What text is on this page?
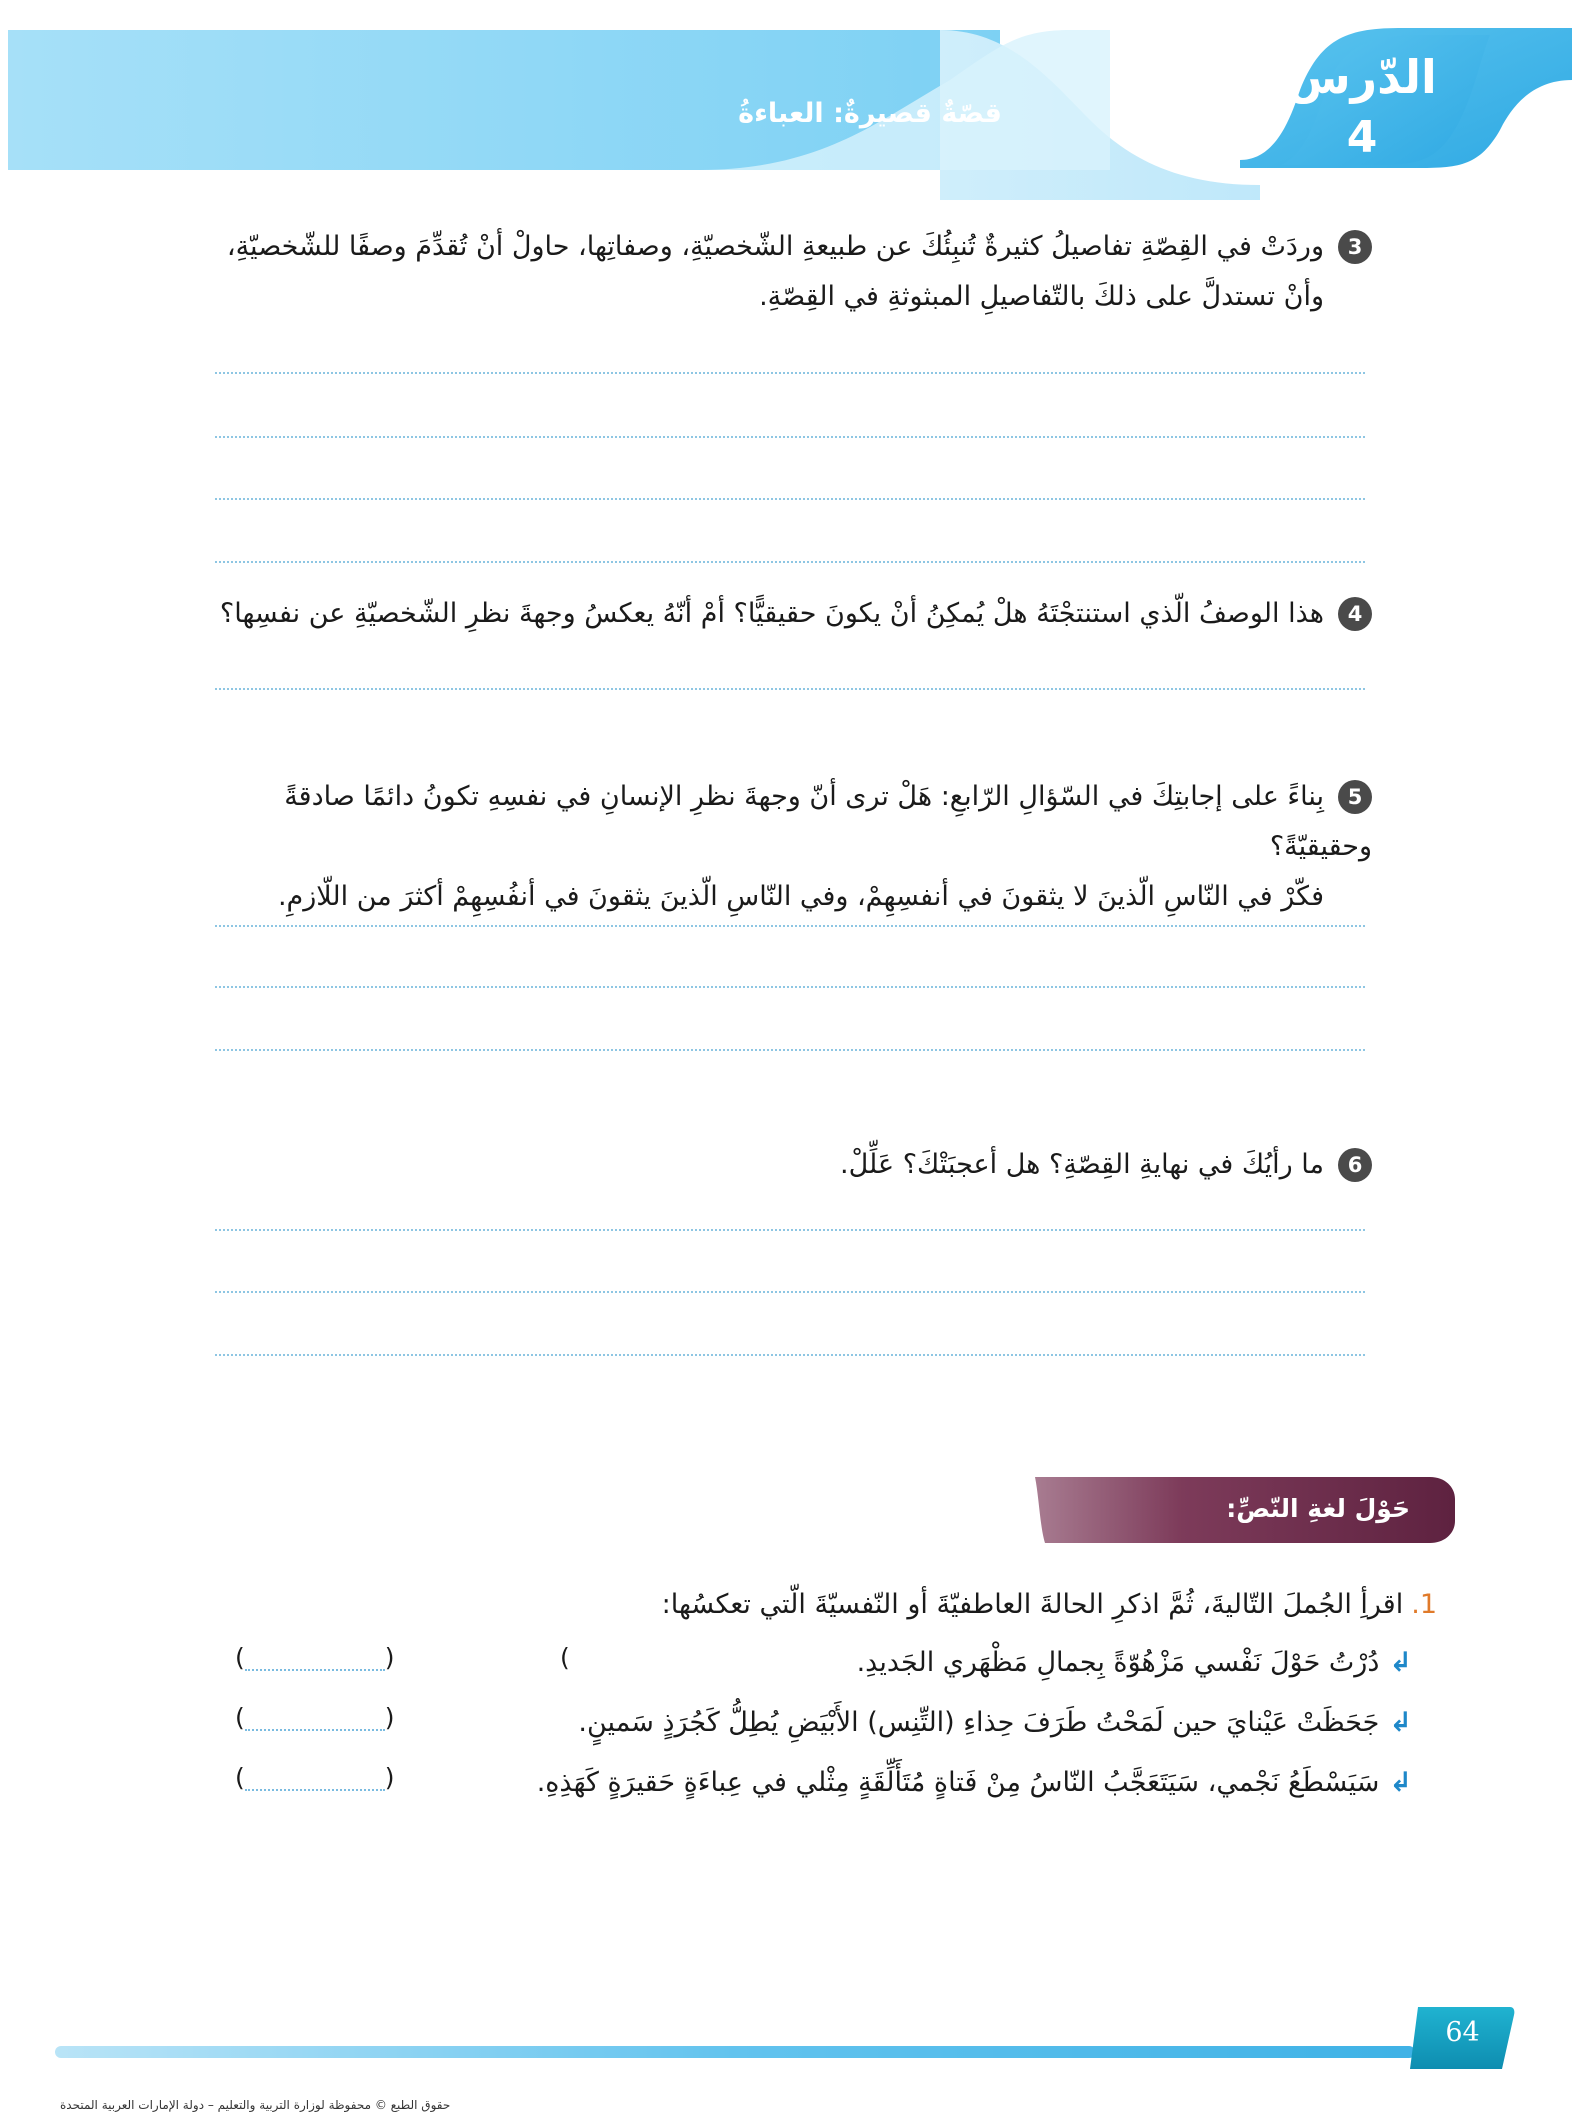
الدّرسُ
4
قصّةٌ قصيرةٌ: العباءةُ
3وردَتْ في القِصّةِ تفاصيلُ كثيرةٌ تُنبِئُكَ عن طبيعةِ الشّخصيّةِ، وصفاتِها، حاولْ أنْ تُقدِّمَ وصفًا للشّخصيّةِ،
وأنْ تستدلَّ على ذلكَ بالتّفاصيلِ المبثوثةِ في القِصّةِ.
4هذا الوصفُ الّذي استنتجْتَهُ هلْ يُمكِنُ أنْ يكونَ حقيقيًّا؟ أمْ أنّهُ يعكسُ وجهةَ نظرِ الشّخصيّةِ عن نفسِها؟
5بِناءً على إجابتِكَ في السّؤالِ الرّابعِ: هَلْ ترى أنّ وجهةَ نظرِ الإنسانِ في نفسِهِ تكونُ دائمًا صادقةً وحقيقيّةً؟
فكّرْ في النّاسِ الّذينَ لا يثقونَ في أنفسِهِمْ، وفي النّاسِ الّذينَ يثقونَ في أنفُسِهِمْ أكثرَ من اللّازمِ.
6ما رأيُكَ في نهايةِ القِصّةِ؟ هل أعجبَتْكَ؟ عَلِّلْ.
حَوْلَ لغةِ النّصِّ:
1.اقرأِ الجُملَ التّاليةَ، ثُمَّ اذكرِ الحالةَ العاطفيّةَ أو النّفسيّةَ الّتي تعكسُها:
↲دُرْتُ حَوْلَ نَفْسي مَزْهُوّةً بِجمالِ مَظْهَري الجَديدِ.
(
(	)
↲جَحَظَتْ عَيْنايَ حين لَمَحْتُ طَرَفَ حِذاءِ (التِّنِس) الأَبْيَضِ يُطِلُّ كَجُرَذٍ سَمينٍ.
(	)
↲سَيَسْطَعُ نَجْمي، سَيَتَعَجَّبُ النّاسُ مِنْ فَتاةٍ مُتَأَلِّقَةٍ مِثْلي في عِباءَةٍ حَقيرَةٍ كَهَذِهِ.
(	)
64
حقوق الطبع © محفوظة لوزارة التربية والتعليم – دولة الإمارات العربية المتحدة
